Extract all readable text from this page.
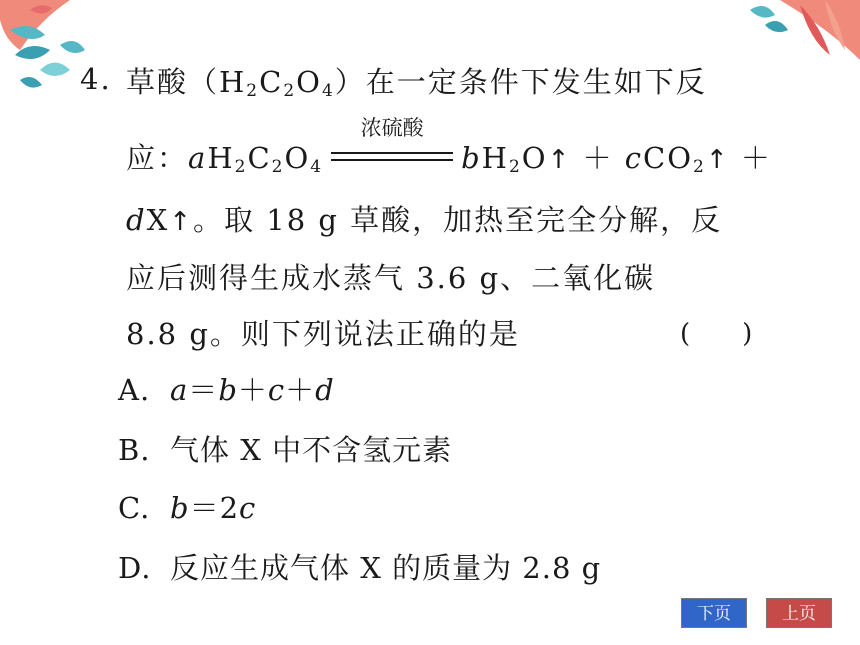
4. 草酸$(H_2C_2O_4)$在一定条件下发生如下反
应：$aH_2C_2O_4$
浓硫酸
$bH_2O↑$ ＋ cCO$_2$↑ ＋
dX↑。取 18 g 草酸，加热至完全分解，反
应后测得生成水蒸气 3.6 g、二氧化碳
8.8 g。则下列说法正确的是	(　　)
A. a＝b＋c＋d
B. 气体 X 中不含氢元素
C. b＝2c
D. 反应生成气体 X 的质量为 2.8 g
下页	上页
